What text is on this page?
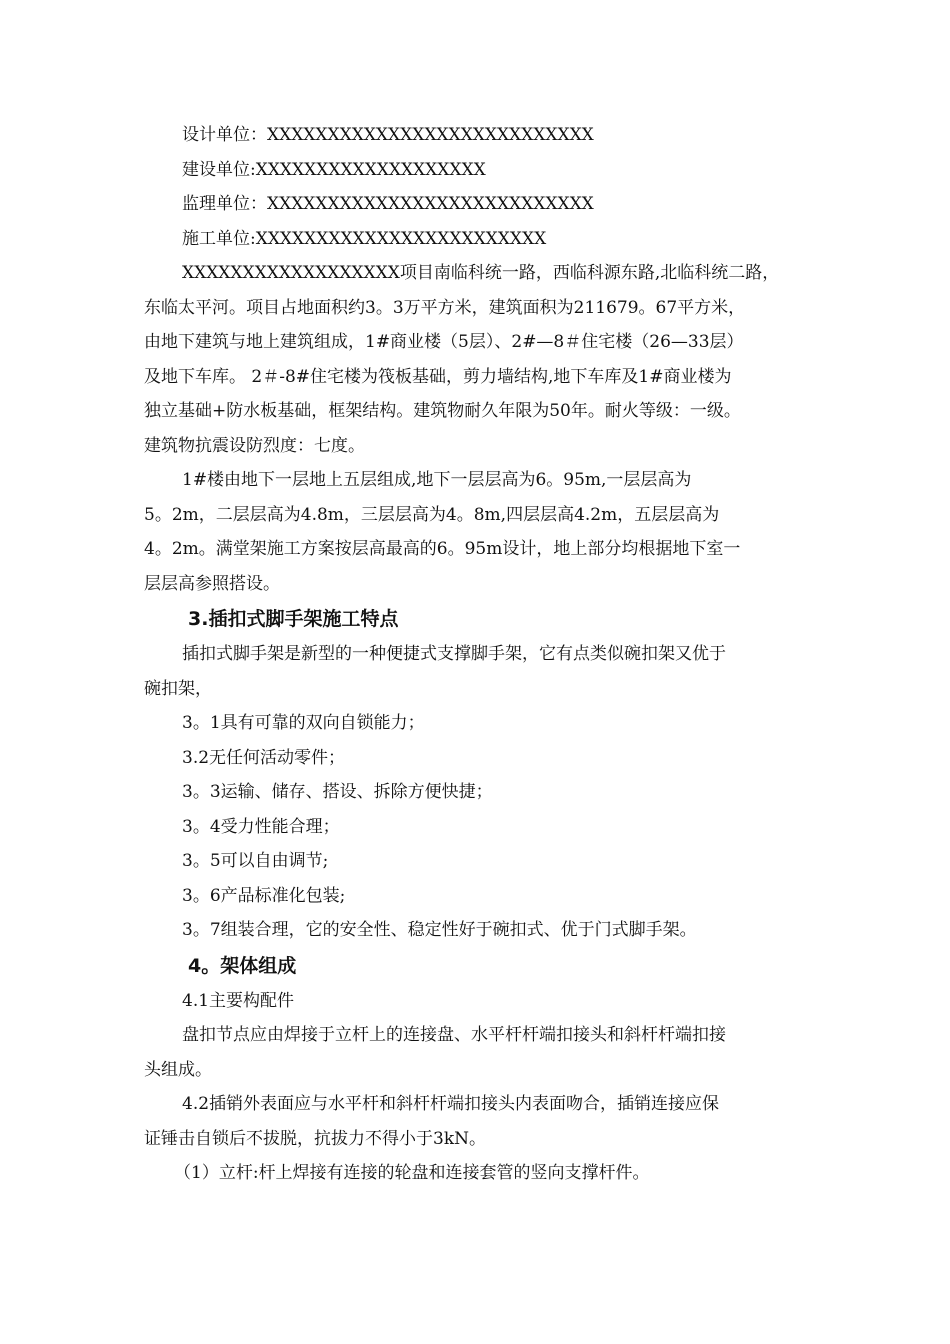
设计单位：XXXXXXXXXXXXXXXXXXXXXXXXXXX

建设单位:XXXXXXXXXXXXXXXXXXX

监理单位：XXXXXXXXXXXXXXXXXXXXXXXXXXX

施工单位:XXXXXXXXXXXXXXXXXXXXXXXX

XXXXXXXXXXXXXXXXXX项目南临科统一路，西临科源东路,北临科统二路，

东临太平河。项目占地面积约3。3万平方米，建筑面积为211679。67平方米，

由地下建筑与地上建筑组成，1#商业楼（5层）、2#—8＃住宅楼（26—33层）

及地下车库。 2＃-8#住宅楼为筏板基础，剪力墙结构,地下车库及1#商业楼为

独立基础+防水板基础，框架结构。建筑物耐久年限为50年。耐火等级：一级。

建筑物抗震设防烈度：七度。

1#楼由地下一层地上五层组成,地下一层层高为6。95m,一层层高为

5。2m，二层层高为4.8m，三层层高为4。8m,四层层高4.2m，五层层高为

4。2m。满堂架施工方案按层高最高的6。95m设计，地上部分均根据地下室一

层层高参照搭设。

3.插扣式脚手架施工特点

插扣式脚手架是新型的一种便捷式支撑脚手架，它有点类似碗扣架又优于

碗扣架，

3。1具有可靠的双向自锁能力；

3.2无任何活动零件；

3。3运输、储存、搭设、拆除方便快捷；

3。4受力性能合理；

3。5可以自由调节;

3。6产品标准化包装;

3。7组装合理，它的安全性、稳定性好于碗扣式、优于门式脚手架。

4。架体组成

4.1主要构配件

盘扣节点应由焊接于立杆上的连接盘、水平杆杆端扣接头和斜杆杆端扣接

头组成。

4.2插销外表面应与水平杆和斜杆杆端扣接头内表面吻合，插销连接应保

证锤击自锁后不拔脱，抗拔力不得小于3kN。

（1）立杆:杆上焊接有连接的轮盘和连接套管的竖向支撑杆件。
